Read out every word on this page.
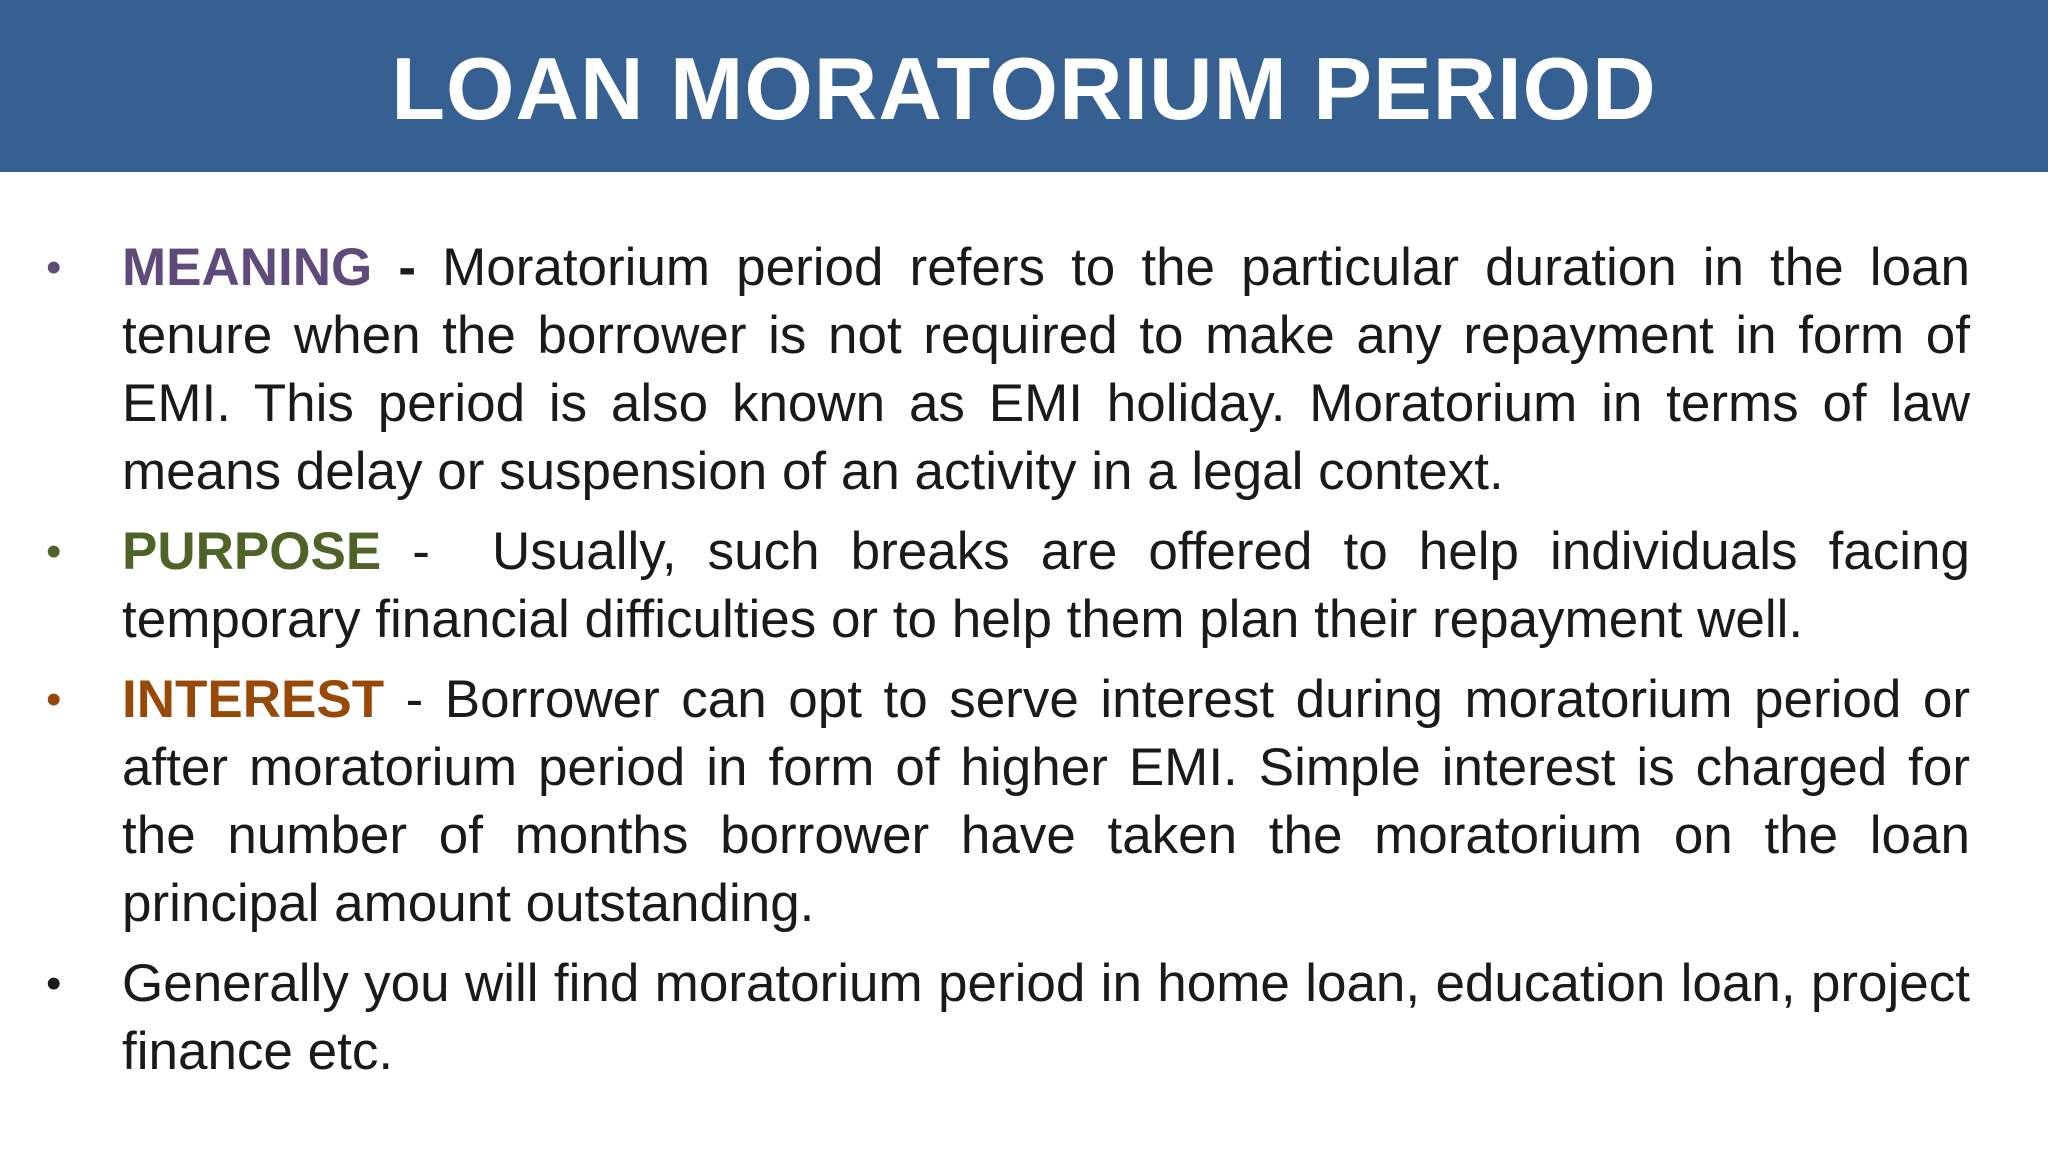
LOAN MORATORIUM PERIOD
• MEANING - Moratorium period refers to the particular duration in the loan tenure when the borrower is not required to make any repayment in form of EMI. This period is also known as EMI holiday. Moratorium in terms of law means delay or suspension of an activity in a legal context.
• PURPOSE -  Usually, such breaks are offered to help individuals facing temporary financial difficulties or to help them plan their repayment well.
• INTEREST - Borrower can opt to serve interest during moratorium period or after moratorium period in form of higher EMI. Simple interest is charged for the number of months borrower have taken the moratorium on the loan principal amount outstanding.
• Generally you will find moratorium period in home loan, education loan, project finance etc.
